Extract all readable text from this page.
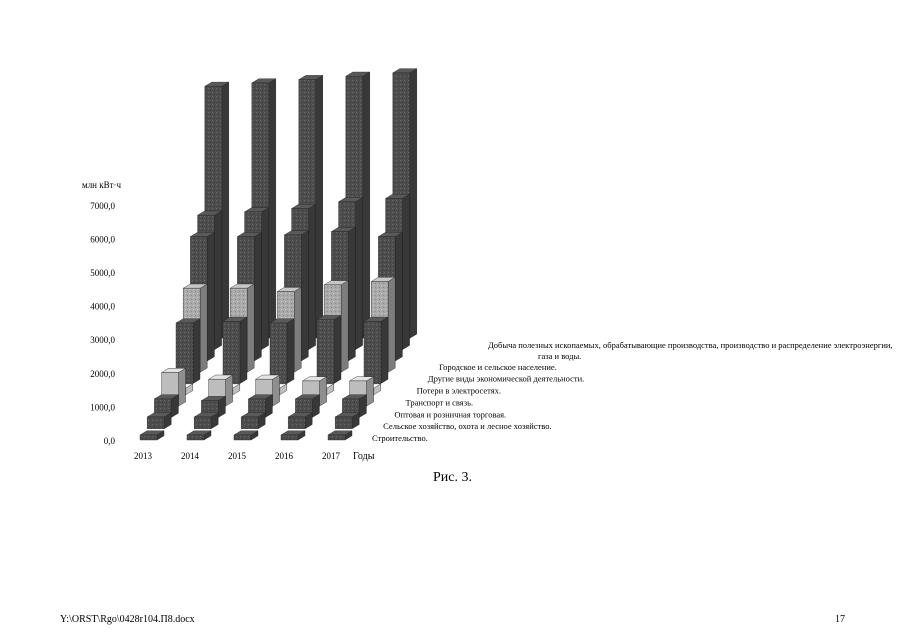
0,0
1000,0
2000,0
3000,0
4000,0
5000,0
6000,0
7000,0
2013	2014	2015	2016	2017
Строительство.
Сельское хозяйство, охота и лесное хозяйство.
Оптовая и розничная торговая.
Транспорт и связь.
Потери в электросетях.
Другие виды экономической деятельности.
Городское и сельское население.
Добыча полезных ископаемых, обрабатывающие производства, производство и распределение электроэнергии,
газа и воды.
млн кВт·ч
Годы
Рис. 3.
Y:\ORST\Rgo\0428r104.П8.docx	17
